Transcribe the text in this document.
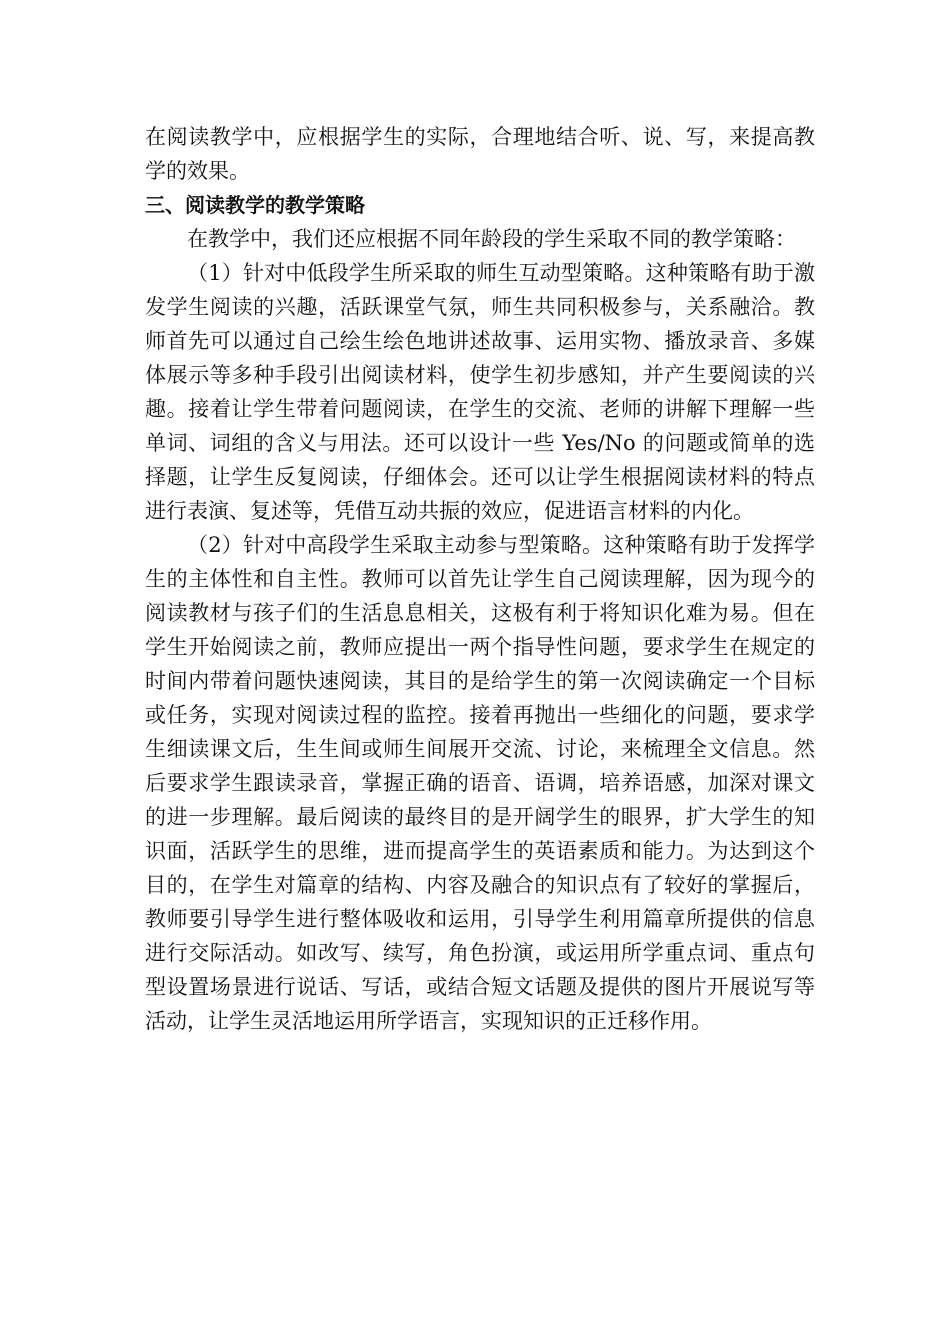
在阅读教学中，应根据学生的实际，合理地结合听、说、写，来提高教学的效果。

三、阅读教学的教学策略

在教学中，我们还应根据不同年龄段的学生采取不同的教学策略：

（1）针对中低段学生所采取的师生互动型策略。这种策略有助于激发学生阅读的兴趣，活跃课堂气氛，师生共同积极参与，关系融洽。教师首先可以通过自己绘生绘色地讲述故事、运用实物、播放录音、多媒体展示等多种手段引出阅读材料，使学生初步感知，并产生要阅读的兴趣。接着让学生带着问题阅读，在学生的交流、老师的讲解下理解一些单词、词组的含义与用法。还可以设计一些 Yes/No 的问题或简单的选择题，让学生反复阅读，仔细体会。还可以让学生根据阅读材料的特点进行表演、复述等，凭借互动共振的效应，促进语言材料的内化。

（2）针对中高段学生采取主动参与型策略。这种策略有助于发挥学生的主体性和自主性。教师可以首先让学生自己阅读理解，因为现今的阅读教材与孩子们的生活息息相关，这极有利于将知识化难为易。但在学生开始阅读之前，教师应提出一两个指导性问题，要求学生在规定的时间内带着问题快速阅读，其目的是给学生的第一次阅读确定一个目标或任务，实现对阅读过程的监控。接着再抛出一些细化的问题，要求学生细读课文后，生生间或师生间展开交流、讨论，来梳理全文信息。然后要求学生跟读录音，掌握正确的语音、语调，培养语感，加深对课文的进一步理解。最后阅读的最终目的是开阔学生的眼界，扩大学生的知识面，活跃学生的思维，进而提高学生的英语素质和能力。为达到这个目的，在学生对篇章的结构、内容及融合的知识点有了较好的掌握后，教师要引导学生进行整体吸收和运用，引导学生利用篇章所提供的信息进行交际活动。如改写、续写，角色扮演，或运用所学重点词、重点句型设置场景进行说话、写话，或结合短文话题及提供的图片开展说写等活动，让学生灵活地运用所学语言，实现知识的正迁移作用。
